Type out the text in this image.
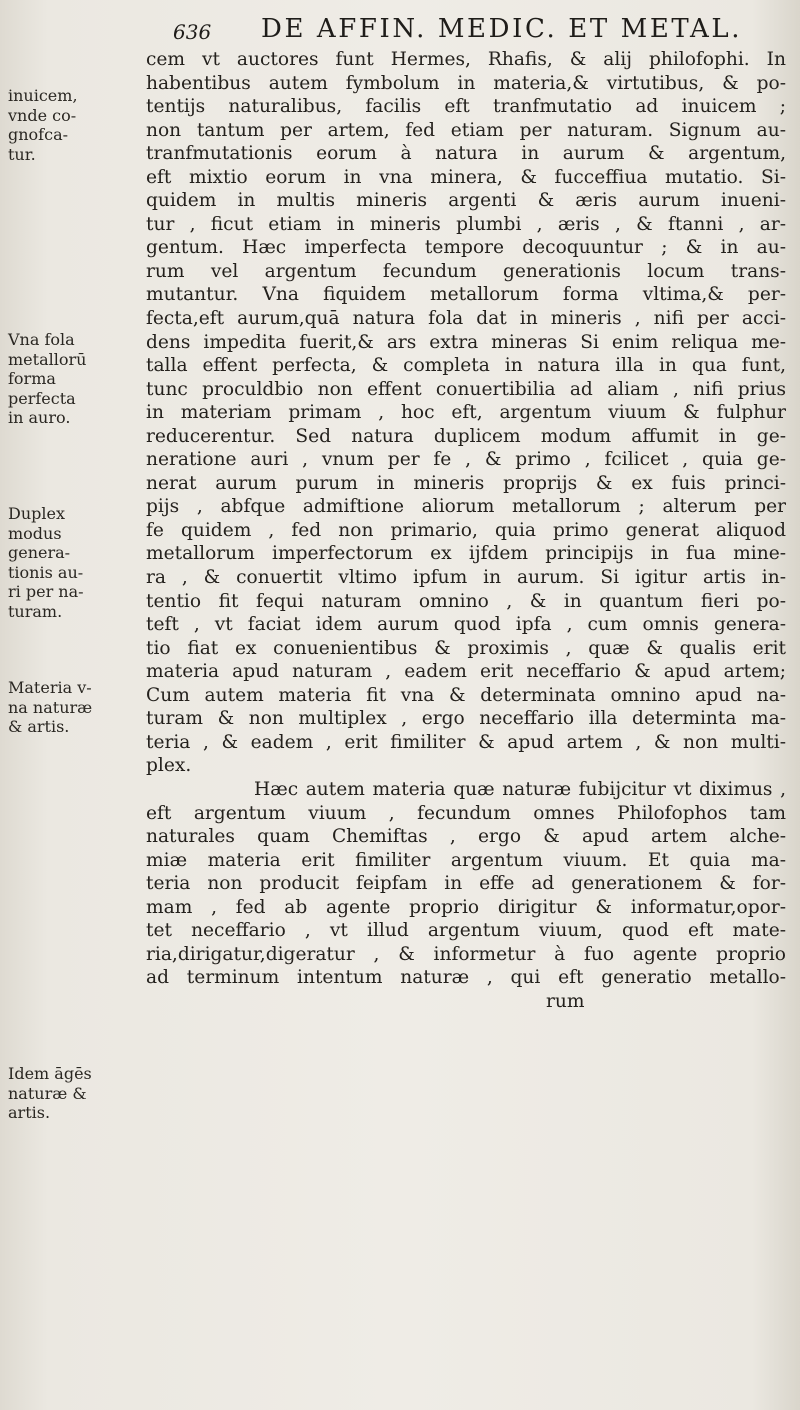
636 DE AFFIN. MEDIC. ET METAL.
inuicem,
vnde co-
gnofca-
tur.
Vna fola
metallorū
forma
perfecta
in auro.
Duplex
modus
genera-
tionis au-
ri per na-
turam.
Materia v-
na naturæ
& artis.
Idem āgēs
naturæ &
artis.
cem vt auctores funt Hermes, Rhafis, & alij philofophi. In
habentibus autem fymbolum in materia,& virtutibus, & po-
tentijs naturalibus, facilis eft tranfmutatio ad inuicem ;
non tantum per artem, fed etiam per naturam. Signum au-
tranfmutationis eorum à natura in aurum & argentum,
eft mixtio eorum in vna minera, & fucceffiua mutatio. Si-
quidem in multis mineris argenti & æris aurum inueni-
tur , ficut etiam in mineris plumbi , æris , & ftanni , ar-
gentum. Hæc imperfecta tempore decoquuntur ; & in au-
rum vel argentum fecundum generationis locum trans-
mutantur. Vna fiquidem metallorum forma vltima,& per-
fecta,eft aurum,quā natura fola dat in mineris , nifi per acci-
dens impedita fuerit,& ars extra mineras Si enim reliqua me-
talla effent perfecta, & completa in natura illa in qua funt,
tunc proculdbio non effent conuertibilia ad aliam , nifi prius
in materiam primam , hoc eft, argentum viuum & fulphur
reducerentur. Sed natura duplicem modum affumit in ge-
neratione auri , vnum per fe , & primo , fcilicet , quia ge-
nerat aurum purum in mineris proprijs & ex fuis princi-
pijs , abfque admiftione aliorum metallorum ; alterum per
fe quidem , fed non primario, quia primo generat aliquod
metallorum imperfectorum ex ijfdem principijs in fua mine-
ra , & conuertit vltimo ipfum in aurum. Si igitur artis in-
tentio fit fequi naturam omnino , & in quantum fieri po-
teft , vt faciat idem aurum quod ipfa , cum omnis genera-
tio fiat ex conuenientibus & proximis , quæ & qualis erit
materia apud naturam , eadem erit neceffario & apud artem;
Cum autem materia fit vna & determinata omnino apud na-
turam & non multiplex , ergo neceffario illa determinta ma-
teria , & eadem , erit fimiliter & apud artem , & non multi-
plex.
Hæc autem materia quæ naturæ fubijcitur vt diximus ,
eft argentum viuum , fecundum omnes Philofophos tam
naturales quam Chemiftas , ergo & apud artem alche-
miæ materia erit fimiliter argentum viuum. Et quia ma-
teria non producit feipfam in effe ad generationem & for-
mam , fed ab agente proprio dirigitur & informatur,opor-
tet neceffario , vt illud argentum viuum, quod eft mate-
ria,dirigatur,digeratur , & informetur à fuo agente proprio
ad terminum intentum naturæ , qui eft generatio metallo-
rum
